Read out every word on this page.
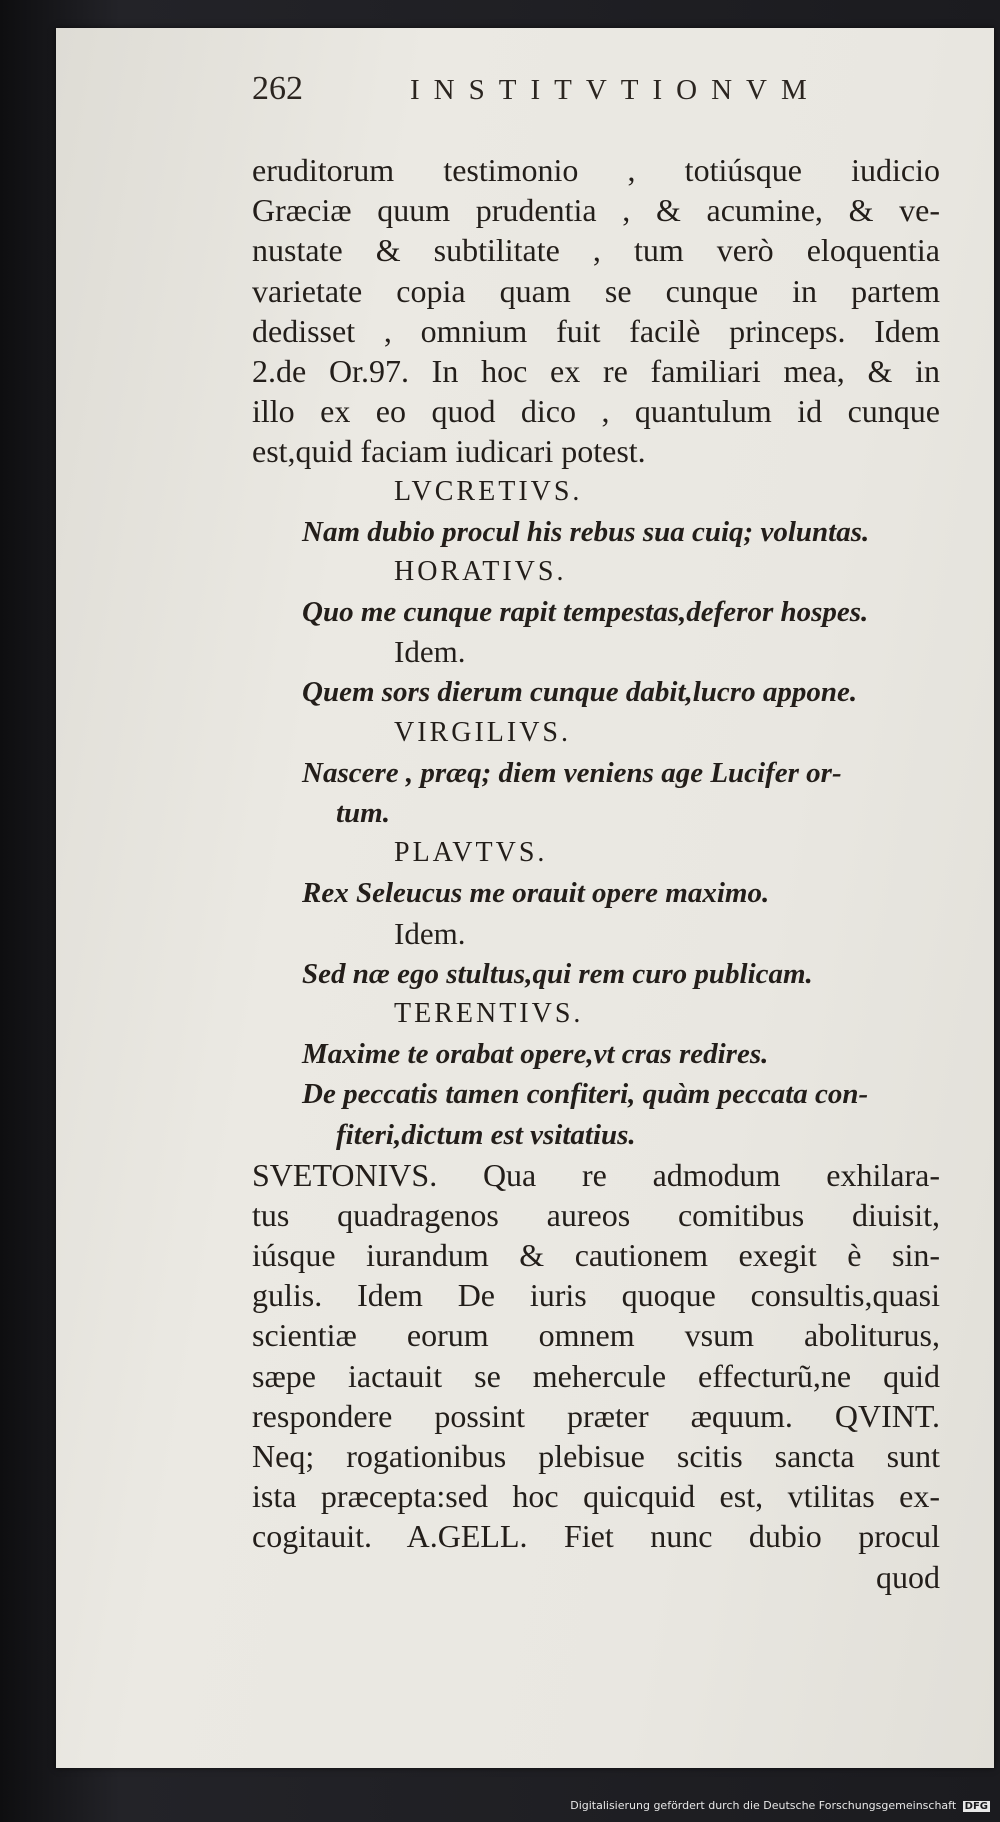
262	INSTITVTIONVM
eruditorum testimonio , totiúsque iudicio
Græciæ quum prudentia , & acumine, & ve-
nustate & subtilitate , tum verò eloquentia
varietate copia quam se cunque in partem
dedisset , omnium fuit facilè princeps. Idem
2.de Or.97. In hoc ex re familiari mea, & in
illo ex eo quod dico , quantulum id cunque
est,quid faciam iudicari potest.
LVCRETIVS.
Nam dubio procul his rebus sua cuiq; voluntas.
HORATIVS.
Quo me cunque rapit tempestas,deferor hospes.
Idem.
Quem sors dierum cunque dabit,lucro appone.
VIRGILIVS.
Nascere , præq; diem veniens age Lucifer or-
tum.
PLAVTVS.
Rex Seleucus me orauit opere maximo.
Idem.
Sed næ ego stultus,qui rem curo publicam.
TERENTIVS.
Maxime te orabat opere,vt cras redires.
De peccatis tamen confiteri, quàm peccata con-
fiteri,dictum est vsitatius.
SVETONIVS. Qua re admodum exhilara-
tus quadragenos aureos comitibus diuisit,
iúsque iurandum & cautionem exegit è sin-
gulis. Idem De iuris quoque consultis,quasi
scientiæ eorum omnem vsum aboliturus,
sæpe iactauit se mehercule effecturũ,ne quid
respondere possint præter æquum. QVINT.
Neq; rogationibus plebisue scitis sancta sunt
ista præcepta:sed hoc quicquid est, vtilitas ex-
cogitauit. A.GELL. Fiet nunc dubio procul
quod
Digitalisierung gefördert durch die Deutsche Forschungsgemeinschaft DFG
